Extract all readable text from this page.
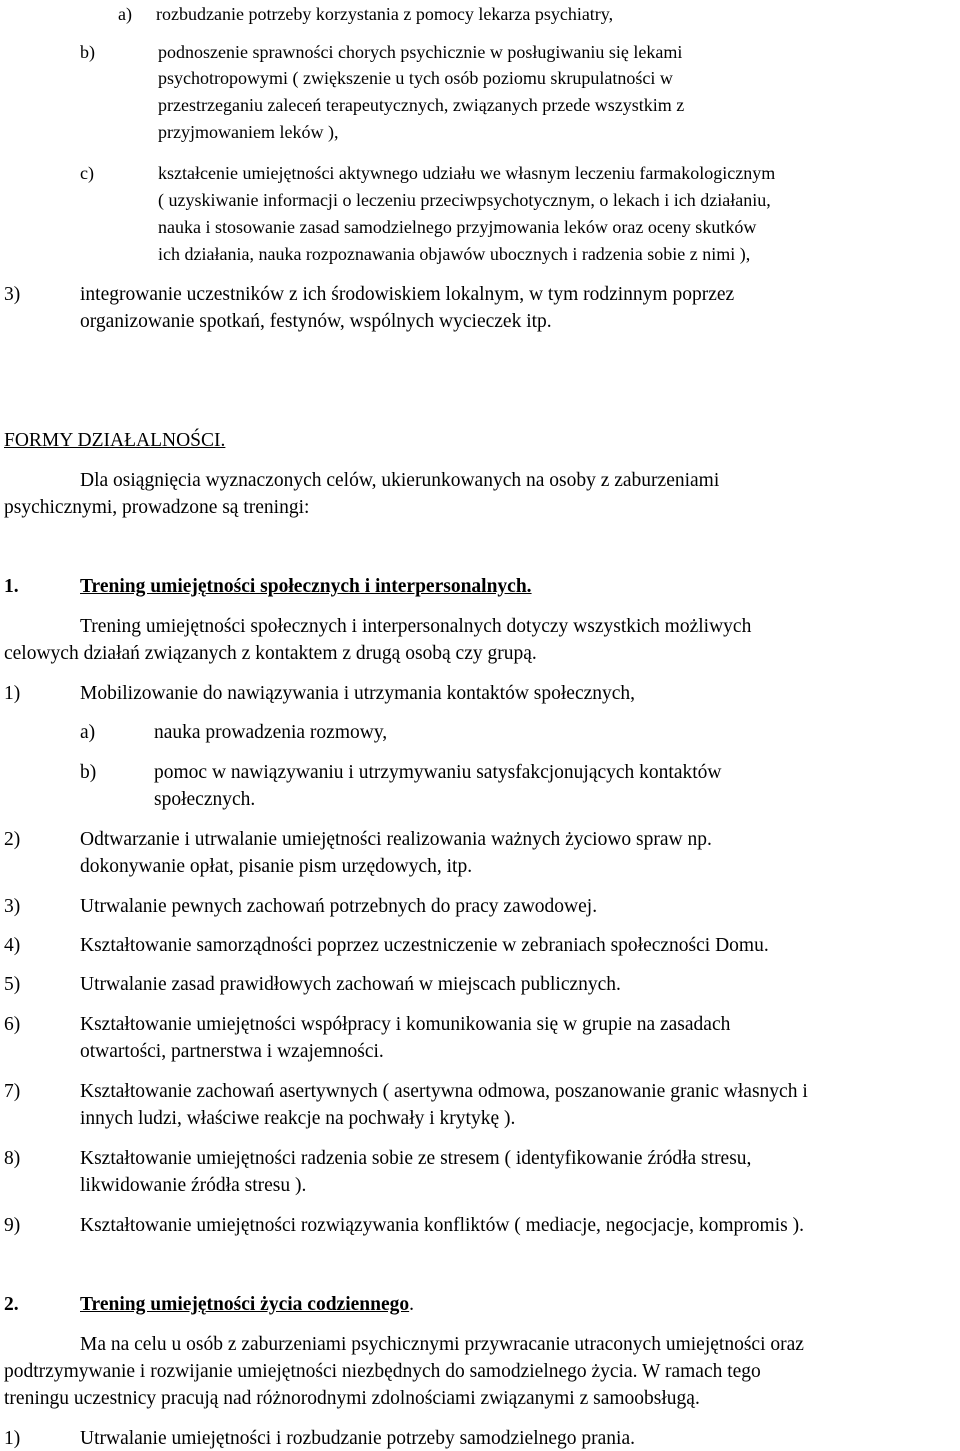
a) rozbudzanie potrzeby korzystania z pomocy lekarza psychiatry,
b)	podnoszenie sprawności chorych psychicznie w posługiwaniu się lekami
psychotropowymi ( zwiększenie u tych osób poziomu skrupulatności w
przestrzeganiu zaleceń terapeutycznych, związanych przede wszystkim z
przyjmowaniem leków ),
c)	kształcenie umiejętności aktywnego udziału we własnym leczeniu farmakologicznym
( uzyskiwanie informacji o leczeniu przeciwpsychotycznym, o lekach i ich działaniu,
nauka i stosowanie zasad samodzielnego przyjmowania leków oraz oceny skutków
ich działania, nauka rozpoznawania objawów ubocznych i radzenia sobie z nimi ),
3)	integrowanie uczestników z ich środowiskiem lokalnym, w tym rodzinnym poprzez
organizowanie spotkań, festynów, wspólnych wycieczek itp.
FORMY DZIAŁALNOŚCI.
Dla osiągnięcia wyznaczonych celów, ukierunkowanych na osoby z zaburzeniami
psychicznymi, prowadzone są treningi:
1.	Trening umiejętności społecznych i interpersonalnych.
Trening umiejętności społecznych i interpersonalnych dotyczy wszystkich możliwych
celowych działań związanych z kontaktem z drugą osobą czy grupą.
1)	Mobilizowanie do nawiązywania i utrzymania kontaktów społecznych,
a)	nauka prowadzenia rozmowy,
b)	pomoc w nawiązywaniu i utrzymywaniu satysfakcjonujących kontaktów
społecznych.
2)	Odtwarzanie i utrwalanie umiejętności realizowania ważnych życiowo spraw np.
dokonywanie opłat, pisanie pism urzędowych, itp.
3)	Utrwalanie pewnych zachowań potrzebnych do pracy zawodowej.
4)	Kształtowanie samorządności poprzez uczestniczenie w zebraniach społeczności Domu.
5)	Utrwalanie zasad prawidłowych zachowań w miejscach publicznych.
6)	Kształtowanie umiejętności współpracy i komunikowania się w grupie na zasadach
otwartości, partnerstwa i wzajemności.
7)	Kształtowanie zachowań asertywnych ( asertywna odmowa, poszanowanie granic własnych i
innych ludzi, właściwe reakcje na pochwały i krytykę ).
8)	Kształtowanie umiejętności radzenia sobie ze stresem ( identyfikowanie źródła stresu,
likwidowanie źródła stresu ).
9)	Kształtowanie umiejętności rozwiązywania konfliktów ( mediacje, negocjacje, kompromis ).
2.	Trening umiejętności życia codziennego.
Ma na celu u osób z zaburzeniami psychicznymi przywracanie utraconych umiejętności oraz
podtrzymywanie i rozwijanie umiejętności niezbędnych do samodzielnego życia. W ramach tego
treningu uczestnicy pracują nad różnorodnymi zdolnościami związanymi z samoobsługą.
1)	Utrwalanie umiejętności i rozbudzanie potrzeby samodzielnego prania.
